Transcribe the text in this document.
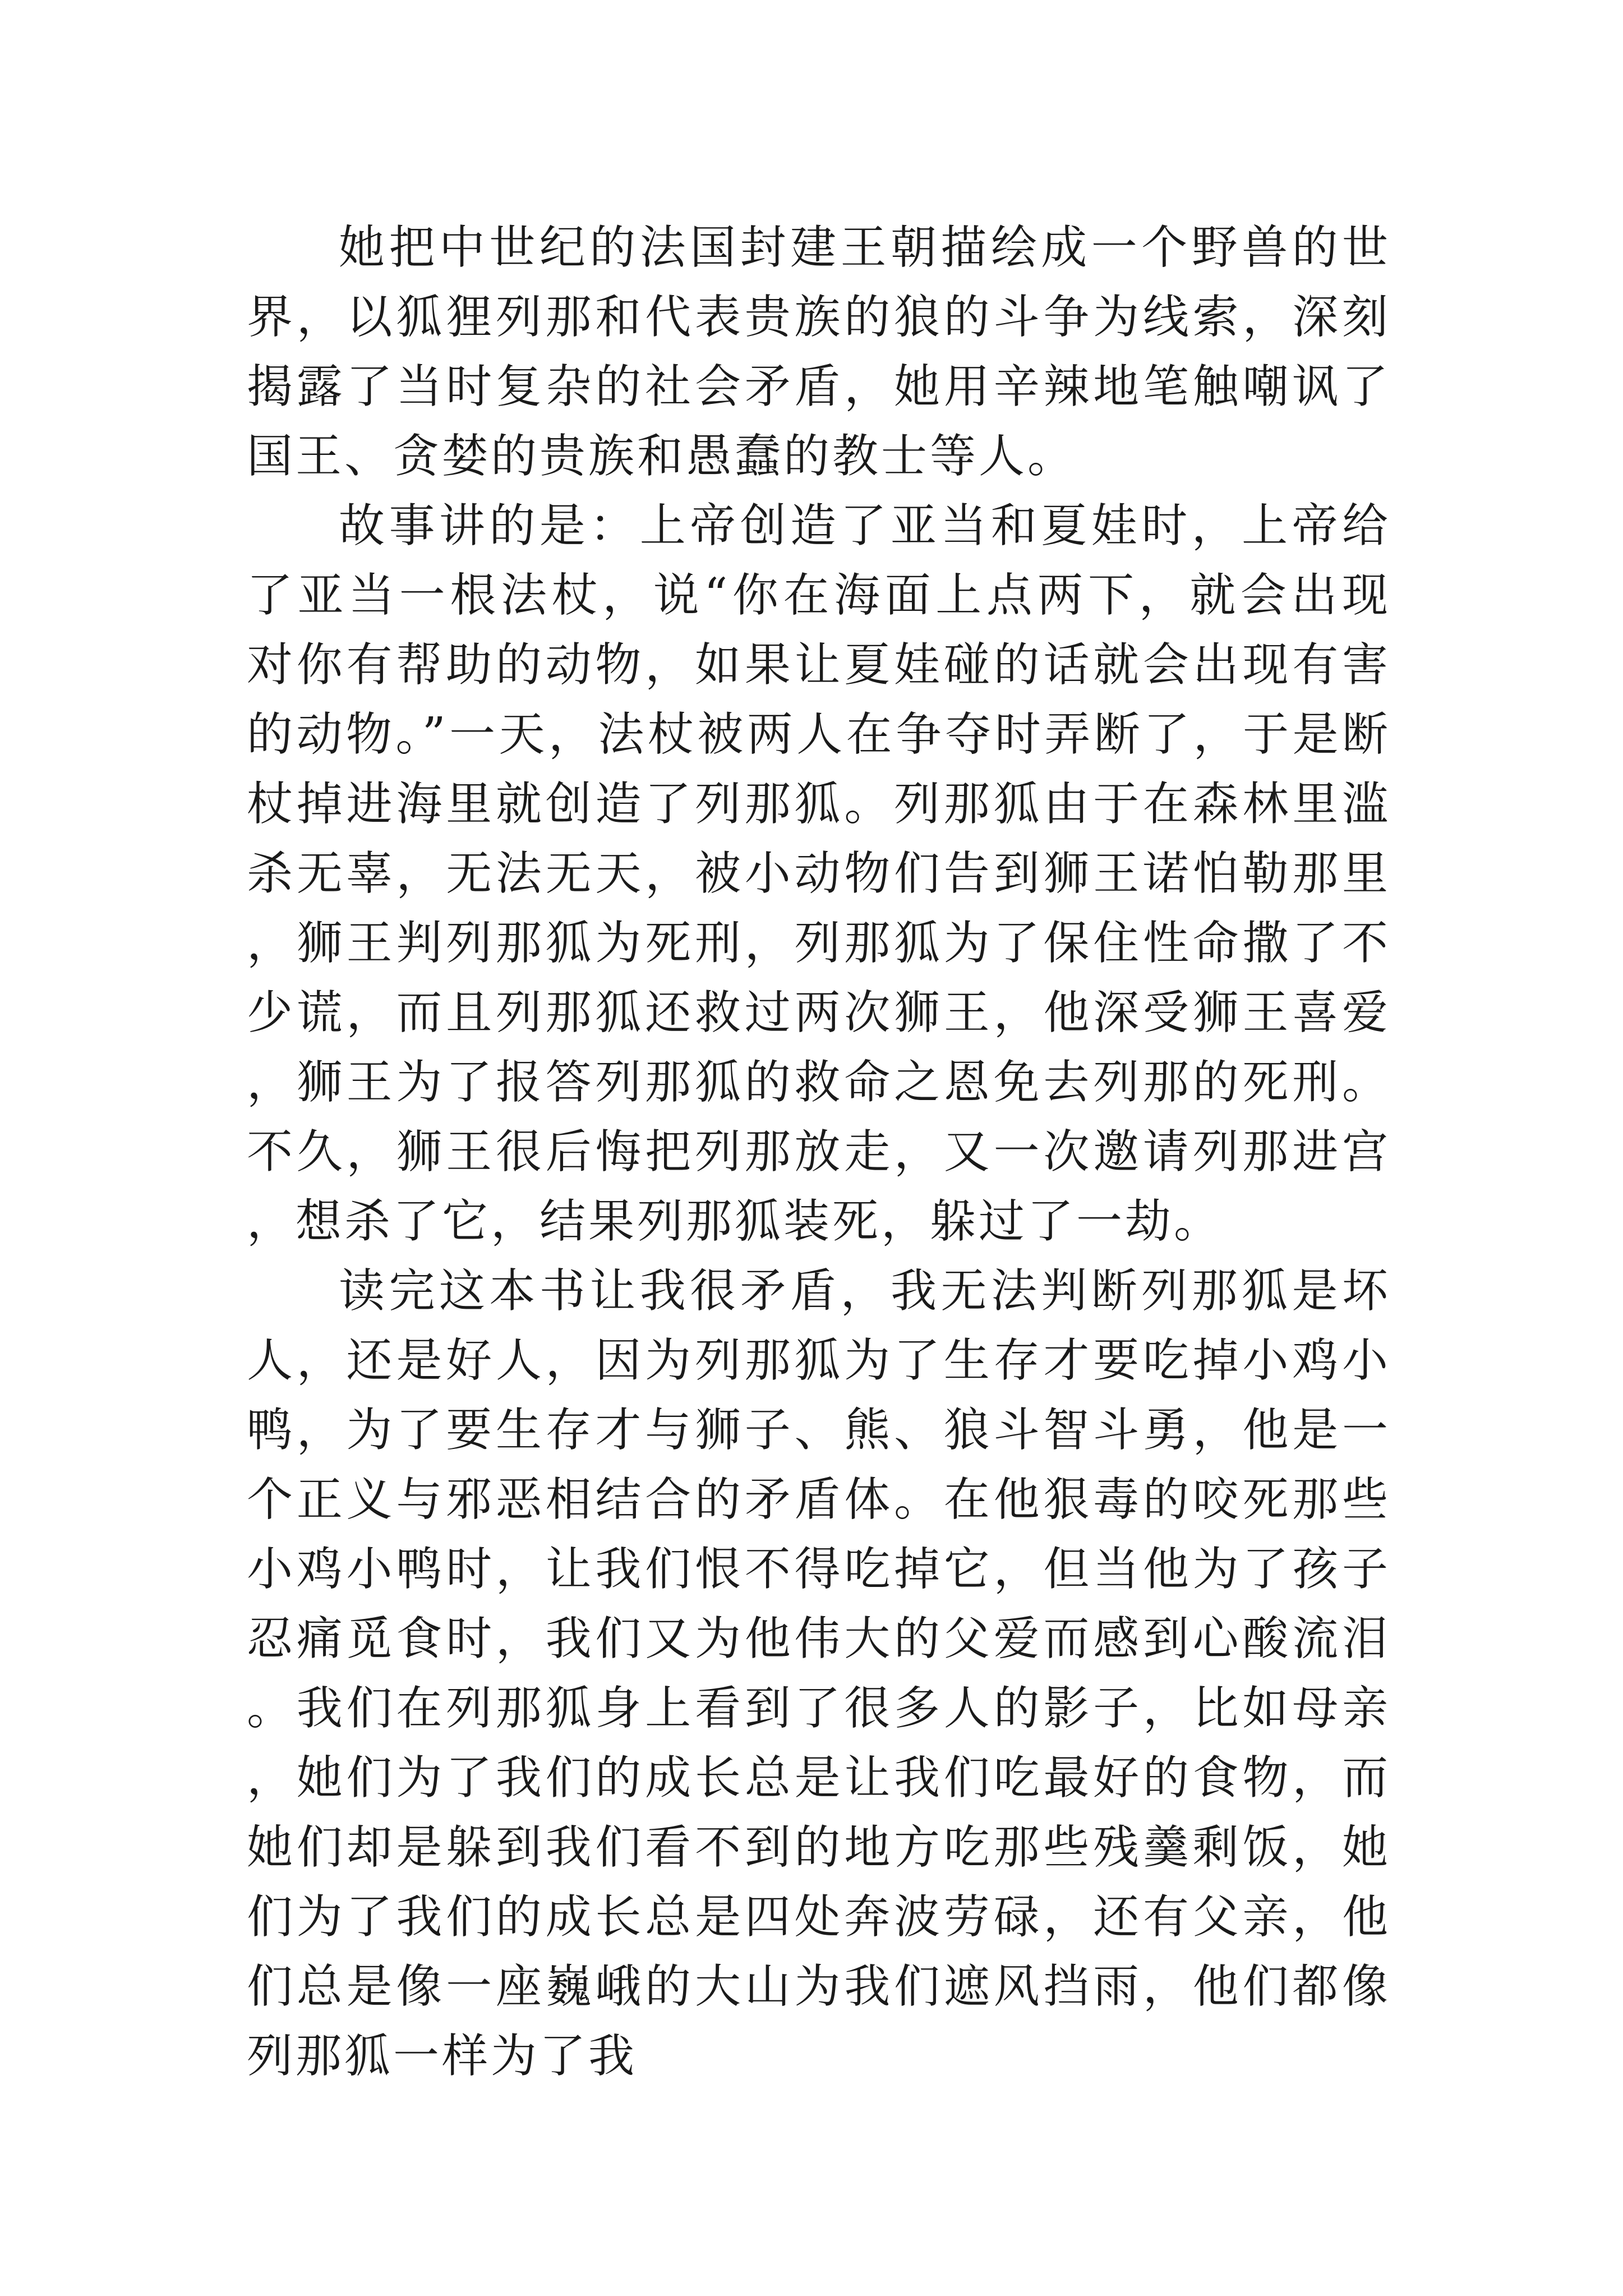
她把中世纪的法国封建王朝描绘成一个野兽的世界，以狐狸列那和代表贵族的狼的斗争为线索，深刻揭露了当时复杂的社会矛盾，她用辛辣地笔触嘲讽了国王、贪婪的贵族和愚蠢的教士等人。

故事讲的是：上帝创造了亚当和夏娃时，上帝给了亚当一根法杖，说“你在海面上点两下，就会出现对你有帮助的动物，如果让夏娃碰的话就会出现有害的动物。”一天，法杖被两人在争夺时弄断了，于是断杖掉进海里就创造了列那狐。列那狐由于在森林里滥杀无辜，无法无天，被小动物们告到狮王诺怕勒那里，狮王判列那狐为死刑，列那狐为了保住性命撒了不少谎，而且列那狐还救过两次狮王，他深受狮王喜爱，狮王为了报答列那狐的救命之恩免去列那的死刑。不久，狮王很后悔把列那放走，又一次邀请列那进宫，想杀了它，结果列那狐装死，躲过了一劫。

读完这本书让我很矛盾，我无法判断列那狐是坏人，还是好人，因为列那狐为了生存才要吃掉小鸡小鸭，为了要生存才与狮子、熊、狼斗智斗勇，他是一个正义与邪恶相结合的矛盾体。在他狠毒的咬死那些小鸡小鸭时，让我们恨不得吃掉它，但当他为了孩子忍痛觅食时，我们又为他伟大的父爱而感到心酸流泪。我们在列那狐身上看到了很多人的影子，比如母亲，她们为了我们的成长总是让我们吃最好的食物，而她们却是躲到我们看不到的地方吃那些残羹剩饭，她们为了我们的成长总是四处奔波劳碌，还有父亲，他们总是像一座巍峨的大山为我们遮风挡雨，他们都像列那狐一样为了我
